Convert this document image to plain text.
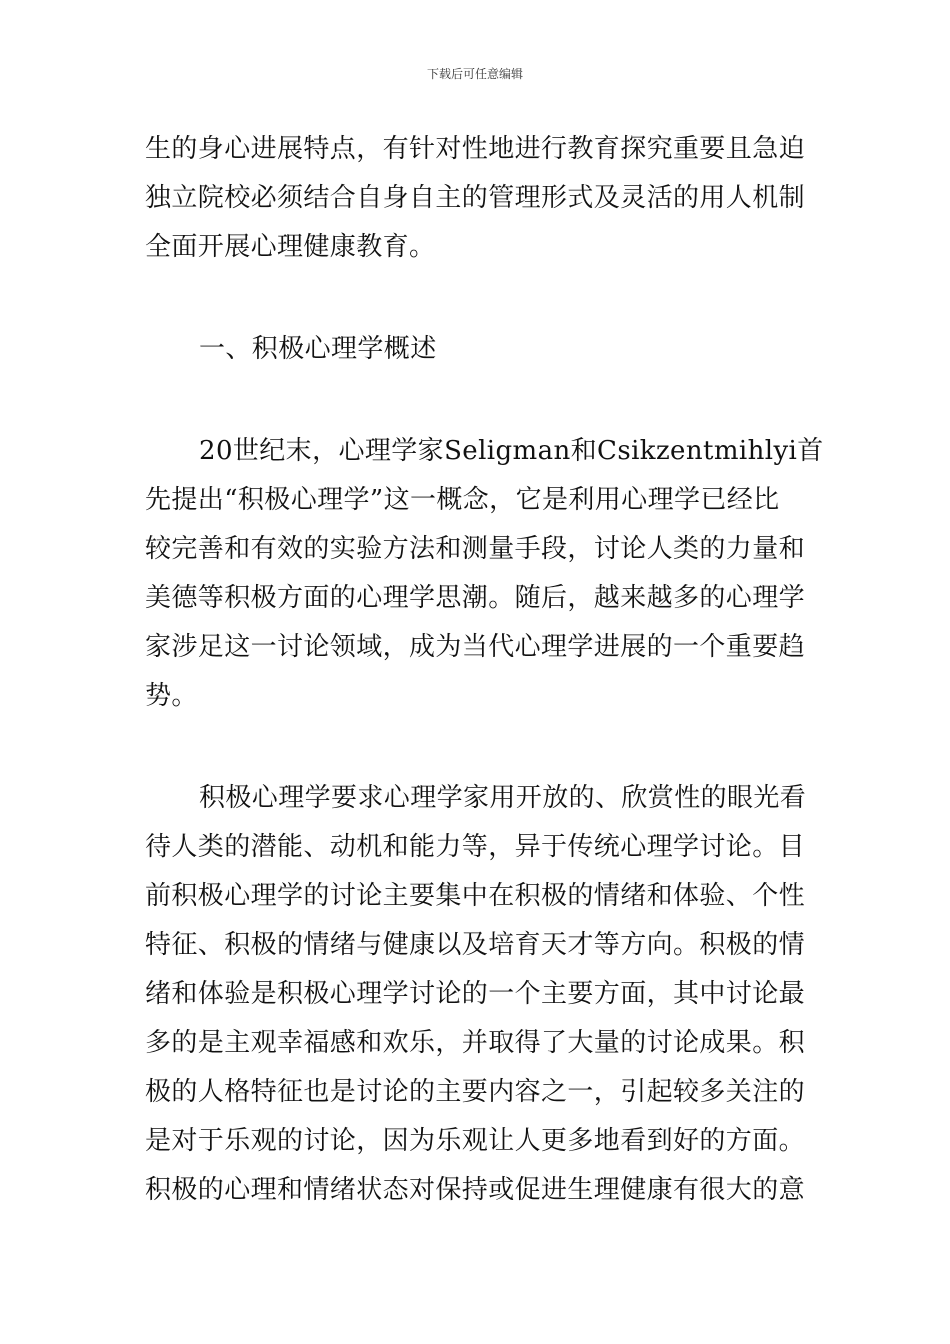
下载后可任意编辑
生的身心进展特点，有针对性地进行教育探究重要且急迫
独立院校必须结合自身自主的管理形式及灵活的用人机制
全面开展心理健康教育。
一、积极心理学概述
20世纪末，心理学家Seligman和Csikzentmihlyi首
先提出“积极心理学”这一概念，它是利用心理学已经比
较完善和有效的实验方法和测量手段，讨论人类的力量和
美德等积极方面的心理学思潮。随后，越来越多的心理学
家涉足这一讨论领域，成为当代心理学进展的一个重要趋
势。
积极心理学要求心理学家用开放的、欣赏性的眼光看
待人类的潜能、动机和能力等，异于传统心理学讨论。目
前积极心理学的讨论主要集中在积极的情绪和体验、个性
特征、积极的情绪与健康以及培育天才等方向。积极的情
绪和体验是积极心理学讨论的一个主要方面，其中讨论最
多的是主观幸福感和欢乐，并取得了大量的讨论成果。积
极的人格特征也是讨论的主要内容之一，引起较多关注的
是对于乐观的讨论，因为乐观让人更多地看到好的方面。
积极的心理和情绪状态对保持或促进生理健康有很大的意
